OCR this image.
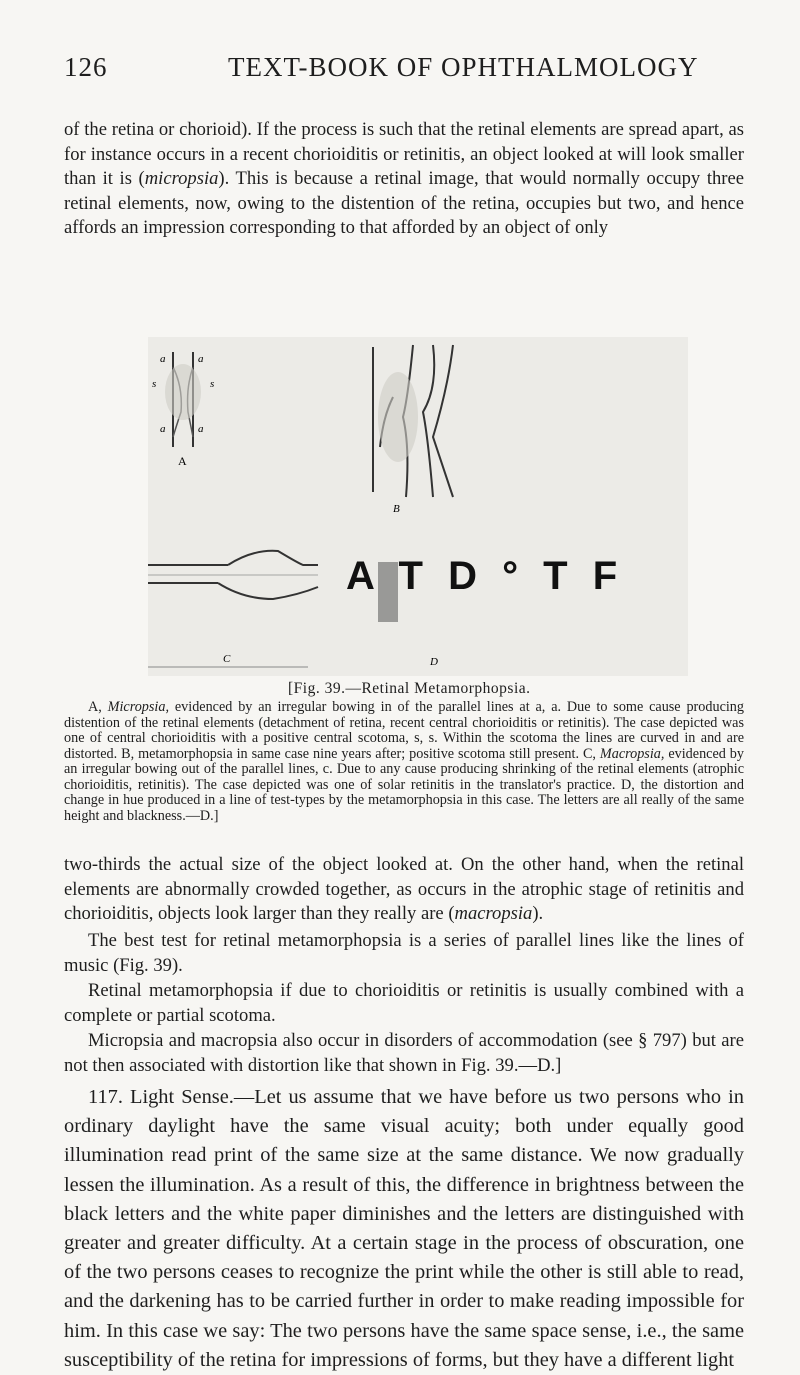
126	TEXT-BOOK OF OPHTHALMOLOGY

of the retina or chorioid). If the process is such that the retinal elements are spread apart, as for instance occurs in a recent chorioiditis or retinitis, an object looked at will look smaller than it is (micropsia). This is because a retinal image, that would normally occupy three retinal elements, now, owing to the distention of the retina, occupies but two, and hence affords an impression corresponding to that afforded by an object of only

a	a
s	s
a	a
A
B
C
A T D ° T F
D
[Fig. 39.—Retinal Metamorphopsia.

A, Micropsia, evidenced by an irregular bowing in of the parallel lines at a, a. Due to some cause producing distention of the retinal elements (detachment of retina, recent central chorioiditis or retinitis). The case depicted was one of central chorioiditis with a positive central scotoma, s, s. Within the scotoma the lines are curved in and are distorted. B, metamorphopsia in same case nine years after; positive scotoma still present. C, Macropsia, evidenced by an irregular bowing out of the parallel lines, c. Due to any cause producing shrinking of the retinal elements (atrophic chorioiditis, retinitis). The case depicted was one of solar retinitis in the translator's practice. D, the distortion and change in hue produced in a line of test-types by the metamorphopsia in this case. The letters are all really of the same height and blackness.—D.]

two-thirds the actual size of the object looked at. On the other hand, when the retinal elements are abnormally crowded together, as occurs in the atrophic stage of retinitis and chorioiditis, objects look larger than they really are (macropsia).

The best test for retinal metamorphopsia is a series of parallel lines like the lines of music (Fig. 39).

Retinal metamorphopsia if due to chorioiditis or retinitis is usually combined with a complete or partial scotoma.

Micropsia and macropsia also occur in disorders of accommodation (see § 797) but are not then associated with distortion like that shown in Fig. 39.—D.]

117. Light Sense.—Let us assume that we have before us two persons who in ordinary daylight have the same visual acuity; both under equally good illumination read print of the same size at the same distance. We now gradually lessen the illumination. As a result of this, the difference in brightness between the black letters and the white paper diminishes and the letters are distinguished with greater and greater difficulty. At a certain stage in the process of obscuration, one of the two persons ceases to recognize the print while the other is still able to read, and the darkening has to be carried further in order to make reading impossible for him. In this case we say: The two persons have the same space sense, i.e., the same susceptibility of the retina for impressions of forms, but they have a different light
